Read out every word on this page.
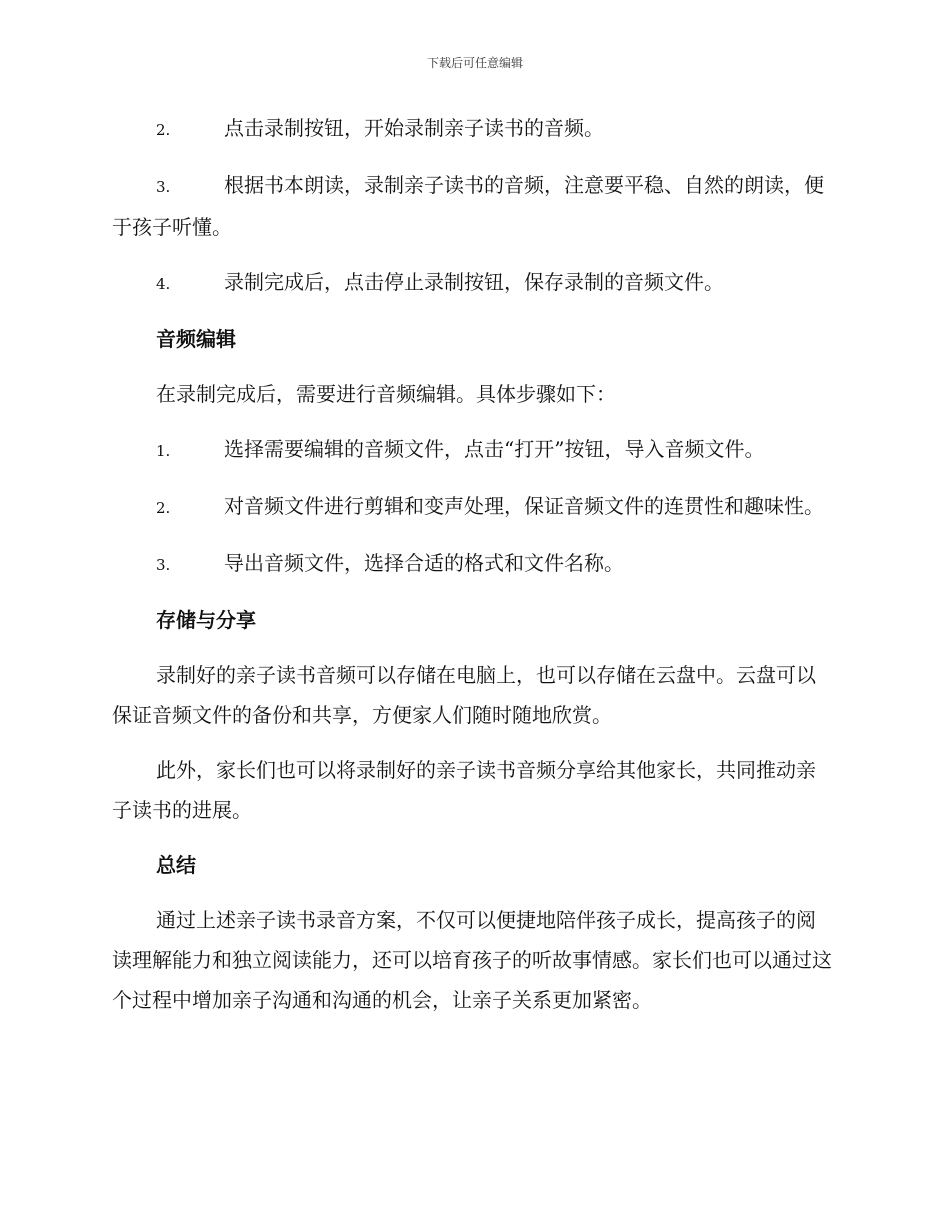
下载后可任意编辑
2.	点击录制按钮，开始录制亲子读书的音频。
3.	根据书本朗读，录制亲子读书的音频，注意要平稳、自然的朗读，便于孩子听懂。
4.	录制完成后，点击停止录制按钮，保存录制的音频文件。
音频编辑
在录制完成后，需要进行音频编辑。具体步骤如下：
1.	选择需要编辑的音频文件，点击“打开”按钮，导入音频文件。
2.	对音频文件进行剪辑和变声处理，保证音频文件的连贯性和趣味性。
3.	导出音频文件，选择合适的格式和文件名称。
存储与分享
录制好的亲子读书音频可以存储在电脑上，也可以存储在云盘中。云盘可以保证音频文件的备份和共享，方便家人们随时随地欣赏。
此外，家长们也可以将录制好的亲子读书音频分享给其他家长，共同推动亲子读书的进展。
总结
通过上述亲子读书录音方案，不仅可以便捷地陪伴孩子成长，提高孩子的阅读理解能力和独立阅读能力，还可以培育孩子的听故事情感。家长们也可以通过这个过程中增加亲子沟通和沟通的机会，让亲子关系更加紧密。
